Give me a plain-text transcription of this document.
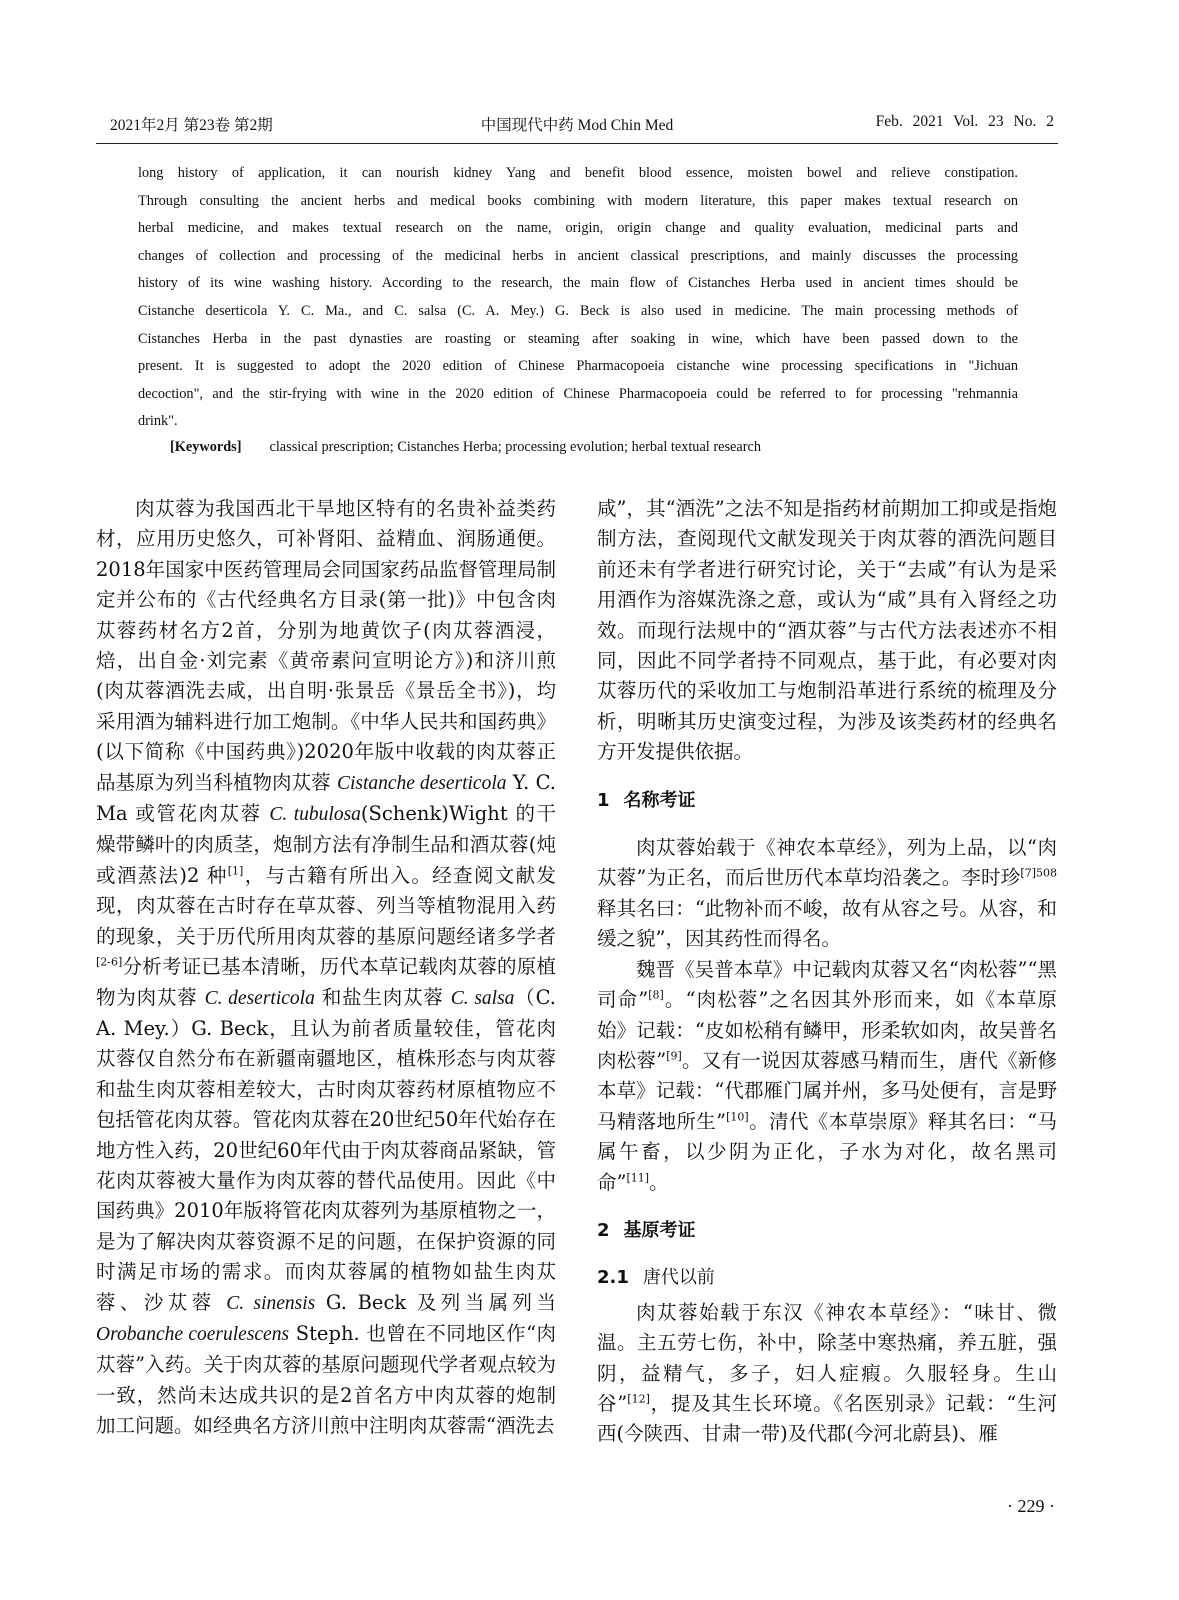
2021年2月 第23卷 第2期	中国现代中药 Mod Chin Med	Feb. 2021 Vol. 23 No. 2
long history of application, it can nourish kidney Yang and benefit blood essence, moisten bowel and relieve constipation.
Through consulting the ancient herbs and medical books combining with modern literature, this paper makes textual research on
herbal medicine, and makes textual research on the name, origin, origin change and quality evaluation, medicinal parts and
changes of collection and processing of the medicinal herbs in ancient classical prescriptions, and mainly discusses the processing
history of its wine washing history. According to the research, the main flow of Cistanches Herba used in ancient times should be
Cistanche deserticola Y. C. Ma., and C. salsa (C. A. Mey.) G. Beck is also used in medicine. The main processing methods of
Cistanches Herba in the past dynasties are roasting or steaming after soaking in wine, which have been passed down to the
present. It is suggested to adopt the 2020 edition of Chinese Pharmacopoeia cistanche wine processing specifications in "Jichuan
decoction", and the stir-frying with wine in the 2020 edition of Chinese Pharmacopoeia could be referred to for processing "rehmannia
drink".
[Keywords] classical prescription; Cistanches Herba; processing evolution; herbal textual research

肉苁蓉为我国西北干旱地区特有的名贵补益类药材，应用历史悠久，可补肾阳、益精血、润肠通便。2018年国家中医药管理局会同国家药品监督管理局制定并公布的《古代经典名方目录(第一批)》中包含肉苁蓉药材名方2首，分别为地黄饮子(肉苁蓉酒浸，焙，出自金·刘完素《黄帝素问宣明论方》)和济川煎(肉苁蓉酒洗去咸，出自明·张景岳《景岳全书》)，均采用酒为辅料进行加工炮制。《中华人民共和国药典》(以下简称《中国药典》)2020年版中收载的肉苁蓉正品基原为列当科植物肉苁蓉 Cistanche deserticola Y. C. Ma 或管花肉苁蓉 C. tubulosa(Schenk)Wight 的干燥带鳞叶的肉质茎，炮制方法有净制生品和酒苁蓉(炖或酒蒸法)2 种[1]，与古籍有所出入。经查阅文献发现，肉苁蓉在古时存在草苁蓉、列当等植物混用入药的现象，关于历代所用肉苁蓉的基原问题经诸多学者[2-6]分析考证已基本清晰，历代本草记载肉苁蓉的原植物为肉苁蓉 C. deserticola 和盐生肉苁蓉 C. salsa（C. A. Mey.）G. Beck，且认为前者质量较佳，管花肉苁蓉仅自然分布在新疆南疆地区，植株形态与肉苁蓉和盐生肉苁蓉相差较大，古时肉苁蓉药材原植物应不包括管花肉苁蓉。管花肉苁蓉在20世纪50年代始存在地方性入药，20世纪60年代由于肉苁蓉商品紧缺，管花肉苁蓉被大量作为肉苁蓉的替代品使用。因此《中国药典》2010年版将管花肉苁蓉列为基原植物之一，是为了解决肉苁蓉资源不足的问题，在保护资源的同时满足市场的需求。而肉苁蓉属的植物如盐生肉苁蓉、沙苁蓉 C. sinensis G. Beck 及列当属列当 Orobanche coerulescens Steph. 也曾在不同地区作“肉苁蓉”入药。关于肉苁蓉的基原问题现代学者观点较为一致，然尚未达成共识的是2首名方中肉苁蓉的炮制加工问题。如经典名方济川煎中注明肉苁蓉需“酒洗去

咸”，其“酒洗”之法不知是指药材前期加工抑或是指炮制方法，查阅现代文献发现关于肉苁蓉的酒洗问题目前还未有学者进行研究讨论，关于“去咸”有认为是采用酒作为溶媒洗涤之意，或认为“咸”具有入肾经之功效。而现行法规中的“酒苁蓉”与古代方法表述亦不相同，因此不同学者持不同观点，基于此，有必要对肉苁蓉历代的采收加工与炮制沿革进行系统的梳理及分析，明晰其历史演变过程，为涉及该类药材的经典名方开发提供依据。

1 名称考证

肉苁蓉始载于《神农本草经》，列为上品，以“肉苁蓉”为正名，而后世历代本草均沿袭之。李时珍$^{[7]508}$释其名曰：“此物补而不峻，故有从容之号。从容，和缓之貌”，因其药性而得名。

魏晋《吴普本草》中记载肉苁蓉又名“肉松蓉”“黑司命”[8]。“肉松蓉”之名因其外形而来，如《本草原始》记载：“皮如松稍有鳞甲，形柔软如肉，故吴普名肉松蓉”[9]。又有一说因苁蓉感马精而生，唐代《新修本草》记载：“代郡雁门属并州，多马处便有，言是野马精落地所生”[10]。清代《本草崇原》释其名曰：“马属午畜，以少阴为正化，子水为对化，故名黑司命”[11]。

2 基原考证
2.1 唐代以前

肉苁蓉始载于东汉《神农本草经》：“味甘、微温。主五劳七伤，补中，除茎中寒热痛，养五脏，强阴，益精气，多子，妇人症瘕。久服轻身。生山谷”[12]，提及其生长环境。《名医别录》记载：“生河西(今陕西、甘肃一带)及代郡(今河北蔚县)、雁

· 229 ·
